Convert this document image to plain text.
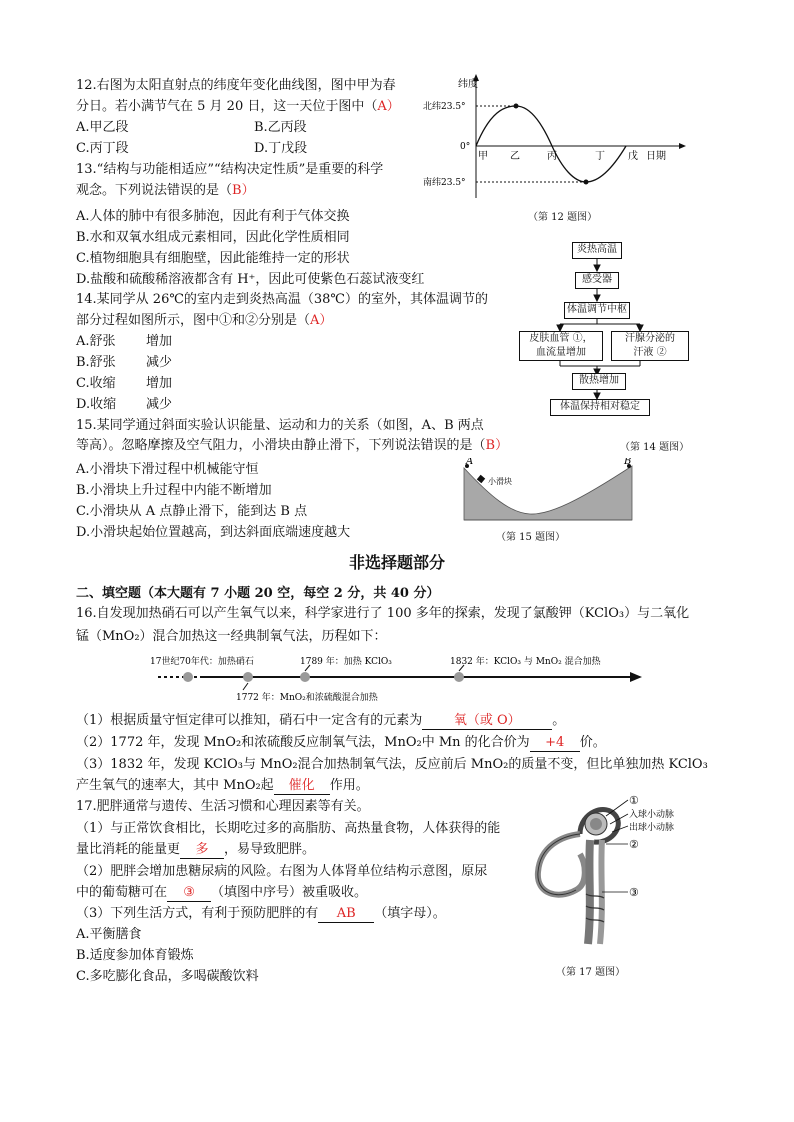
12.右图为太阳直射点的纬度年变化曲线图，图中甲为春
分日。若小满节气在 5 月 20 日，这一天位于图中（A）
A.甲乙段	B.乙丙段
C.丙丁段	D.丁戊段
纬度
北纬23.5°
0°
南纬23.5°
甲 乙	丙	丁 戊 日期
（第 12 题图）
13.“结构与功能相适应”“结构决定性质”是重要的科学
观念。下列说法错误的是（B）
A.人体的肺中有很多肺泡，因此有利于气体交换
B.水和双氧水组成元素相同，因此化学性质相同
C.植物细胞具有细胞壁，因此能维持一定的形状
D.盐酸和硫酸稀溶液都含有 H⁺，因此可使紫色石蕊试液变红
14.某同学从 26℃的室内走到炎热高温（38℃）的室外，其体温调节的
部分过程如图所示，图中①和②分别是（A）
A.舒张 增加
B.舒张 减少
C.收缩 增加
D.收缩 减少
炎热高温
感受器
体温调节中枢
皮肤血管 ①，
血流量增加
汗腺分泌的
汗液 ②
散热增加
体温保持相对稳定
（第 14 题图）
15.某同学通过斜面实验认识能量、运动和力的关系（如图，A、B 两点
等高）。忽略摩擦及空气阻力，小滑块由静止滑下，下列说法错误的是（B）
A.小滑块下滑过程中机械能守恒
B.小滑块上升过程中内能不断增加
C.小滑块从 A 点静止滑下，能到达 B 点
D.小滑块起始位置越高，到达斜面底端速度越大
A	B
小滑块
（第 15 题图）
非选择题部分
二、填空题（本大题有 7 小题 20 空，每空 2 分，共 40 分）
16.自发现加热硝石可以产生氧气以来，科学家进行了 100 多年的探索，发现了氯酸钾（KClO₃）与二氧化
锰（MnO₂）混合加热这一经典制氧气法，历程如下：
17世纪70年代：加热硝石	1789 年：加热 KClO₃	1832 年：KClO₃ 与 MnO₂ 混合加热
1772 年：MnO₂和浓硫酸混合加热
（1）根据质量守恒定律可以推知，硝石中一定含有的元素为 氧（或 O） 。
（2）1772 年，发现 MnO₂和浓硫酸反应制氧气法，MnO₂中 Mn 的化合价为 +4 价。
（3）1832 年，发现 KClO₃与 MnO₂混合加热制氧气法，反应前后 MnO₂的质量不变，但比单独加热 KClO₃
产生氧气的速率大，其中 MnO₂起 催化 作用。
17.肥胖通常与遗传、生活习惯和心理因素等有关。
（1）与正常饮食相比，长期吃过多的高脂肪、高热量食物，人体获得的能
量比消耗的能量更 多 ，易导致肥胖。
（2）肥胖会增加患糖尿病的风险。右图为人体肾单位结构示意图，原尿
中的葡萄糖可在 ③ （填图中序号）被重吸收。
（3）下列生活方式，有利于预防肥胖的有 AB （填字母）。
A.平衡膳食
B.适度参加体育锻炼
C.多吃膨化食品，多喝碳酸饮料
①
入球小动脉
出球小动脉
②
③
（第 17 题图）
